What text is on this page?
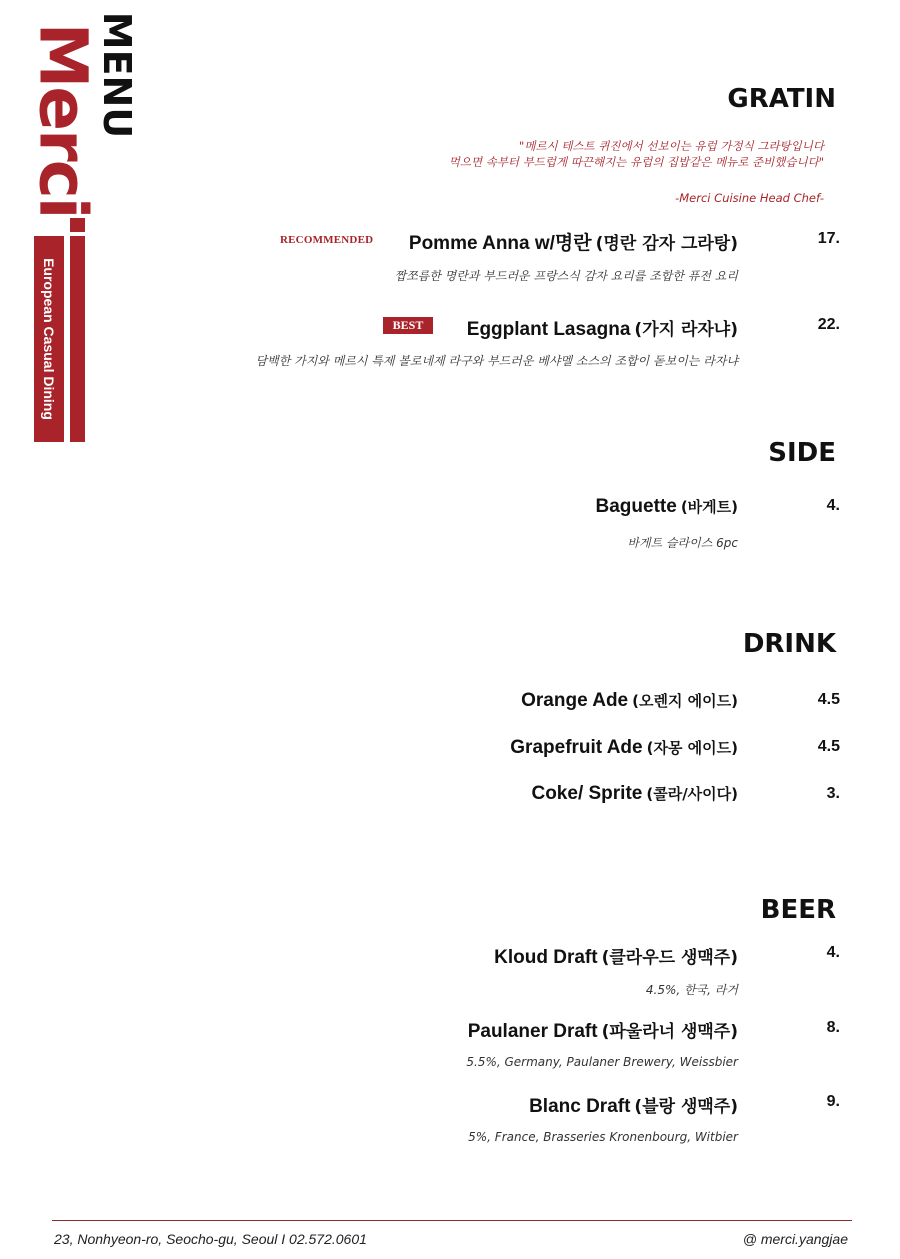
Merci
MENU
European Casual Dining
GRATIN
"메르시 테스트 퀴진에서 선보이는 유럽 가정식 그라탕입니다
먹으면 속부터 부드럽게 따끈해지는 유럽의 집밥같은 메뉴로 준비했습니다"
-Merci Cuisine Head Chef-
RECOMMENDED Pomme Anna w/명란 (명란 감자 그라탕)	17.
짭쪼름한 명란과 부드러운 프랑스식 감자 요리를 조합한 퓨전 요리
BEST	Eggplant Lasagna (가지 라자냐)	22.
담백한 가지와 메르시 특제 볼로네제 라구와 부드러운 베샤멜 소스의 조합이 돋보이는 라자냐
SIDE
Baguette (바게트)	4.
바게트 슬라이스 6pc
DRINK
Orange Ade (오렌지 에이드)	4.5
Grapefruit Ade (자몽 에이드)	4.5
Coke/ Sprite (콜라/사이다)	3.
BEER
Kloud Draft (클라우드 생맥주)	4.
4.5%, 한국, 라거
Paulaner Draft (파울라너 생맥주)	8.
5.5%, Germany, Paulaner Brewery, Weissbier
Blanc Draft (블랑 생맥주)	9.
5%, France, Brasseries Kronenbourg, Witbier
23, Nonhyeon-ro, Seocho-gu, Seoul I 02.572.0601	@ merci.yangjae
